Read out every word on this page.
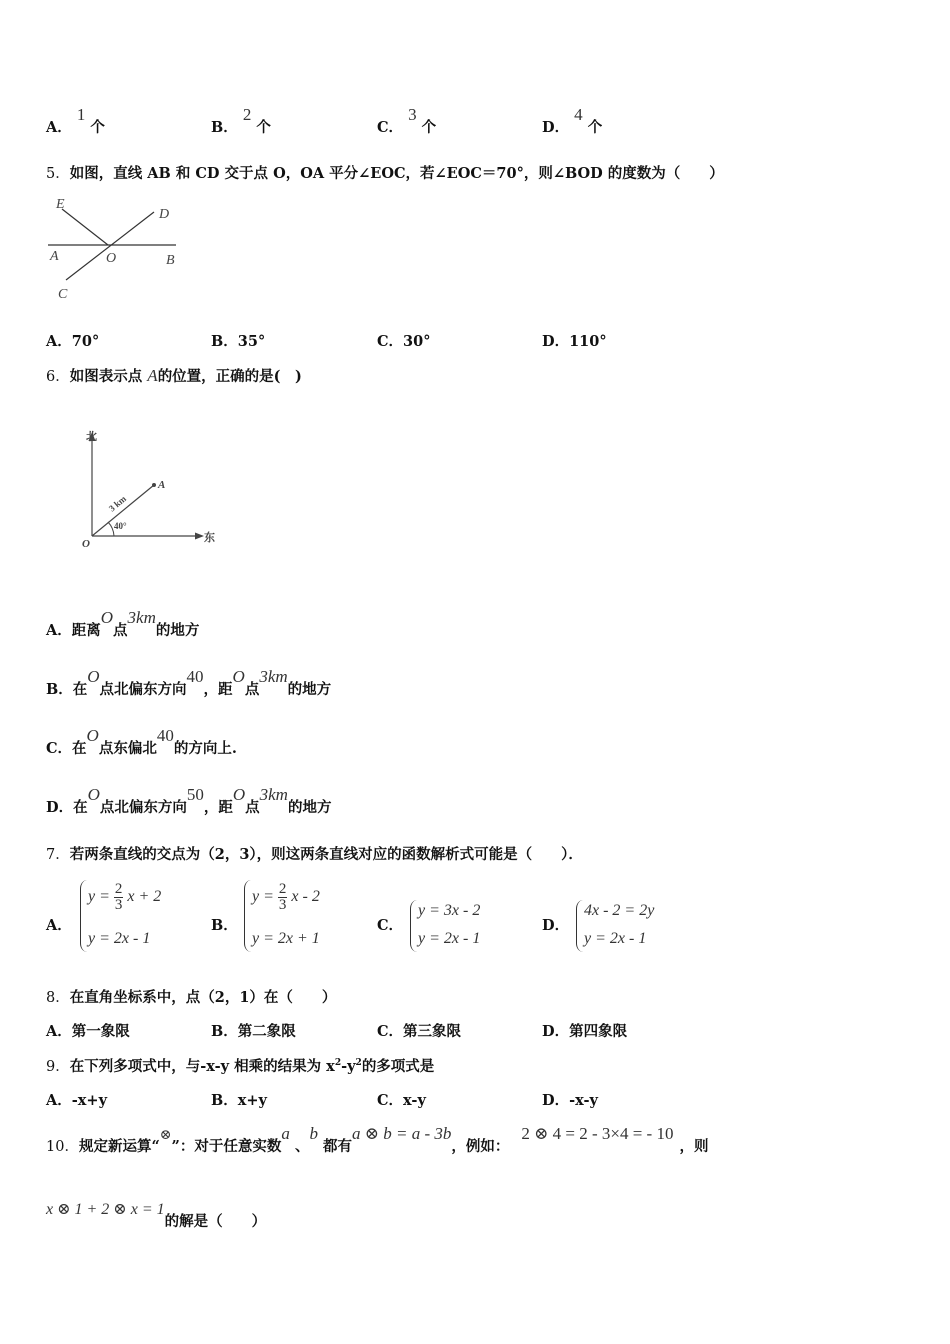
A． 1 个	B． 2 个	C． 3 个	D． 4 个
5．如图，直线 AB 和 CD 交于点 O，OA 平分∠EOC，若∠EOC＝70°，则∠BOD 的度数为（　　）
E
D
A	O	B
C
A．70°	B．35°	C．30°	D．110°
6．如图表示点 A的位置，正确的是(　)
北
东
O
A
3 km
40°
A．距离O点3km的地方
B．在O点北偏东方向40，距O点3km的地方
C．在O点东偏北40的方向上.
D．在O点北偏东方向50，距O点3km的地方
7．若两条直线的交点为（2，3），则这两条直线对应的函数解析式可能是（　　）．
A．
$y = \frac{2}{3}$ x + 2
y = 2x - 1
B．
$y = \frac{2}{3}$ x - 2
y = 2x + 1
C．
y = 3x - 2
y = 2x - 1
D．
4x - 2 = 2y
y = 2x - 1
8．在直角坐标系中，点（2，1）在（　　）
A．第一象限	B．第二象限	C．第三象限	D．第四象限
9．在下列多项式中，与-x-y 相乘的结果为 $x^2-y^2$的多项式是
A．-x+y	B．x+y	C．x-y	D．-x-y
10．规定新运算“⊗”：对于任意实数a 、b 都有a ⊗ b = a - 3b，例如：2 ⊗ 4 = 2 - 3×4 = - 10，则
x ⊗ 1 + 2 ⊗ x = 1的解是（　　）
